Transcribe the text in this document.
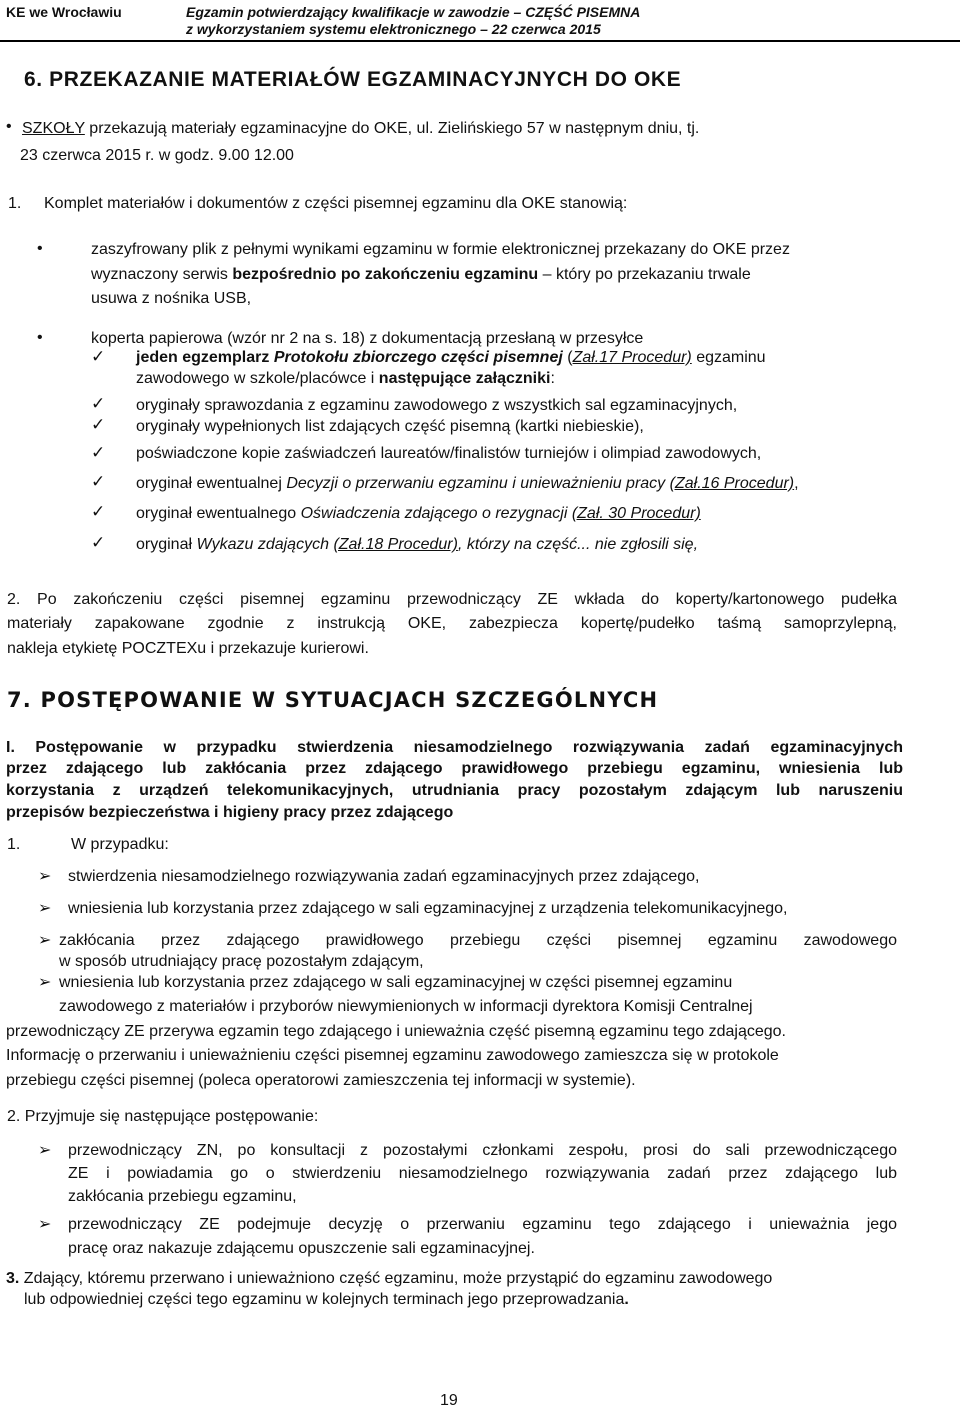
KE we Wrocławiu	Egzamin potwierdzający kwalifikacje w zawodzie – CZĘŚĆ PISEMNA
z wykorzystaniem systemu elektronicznego – 22 czerwca 2015
6. PRZEKAZANIE MATERIAŁÓW EGZAMINACYJNYCH DO OKE
• SZKOŁY przekazują materiały egzaminacyjne do OKE, ul. Zielińskiego 57 w następnym dniu, tj.
23 czerwca 2015 r. w godz. 9.00 12.00
1. Komplet materiałów i dokumentów z części pisemnej egzaminu dla OKE stanowią:
•	zaszyfrowany plik z pełnymi wynikami egzaminu w formie elektronicznej przekazany do OKE przez
wyznaczony serwis bezpośrednio po zakończeniu egzaminu – który po przekazaniu trwale
usuwa z nośnika USB,
•	koperta papierowa (wzór nr 2 na s. 18) z dokumentacją przesłaną w przesyłce
✓ jeden egzemplarz Protokołu zbiorczego części pisemnej (Zał.17 Procedur) egzaminu
zawodowego w szkole/placówce i następujące załączniki:
✓ oryginały sprawozdania z egzaminu zawodowego z wszystkich sal egzaminacyjnych,
✓ oryginały wypełnionych list zdających część pisemną (kartki niebieskie),
✓ poświadczone kopie zaświadczeń laureatów/finalistów turniejów i olimpiad zawodowych,
✓ oryginał ewentualnej Decyzji o przerwaniu egzaminu i unieważnieniu pracy (Zał.16 Procedur),
✓ oryginał ewentualnego Oświadczenia zdającego o rezygnacji (Zał. 30 Procedur)
✓ oryginał Wykazu zdających (Zał.18 Procedur), którzy na część... nie zgłosili się,
2. Po zakończeniu części pisemnej egzaminu przewodniczący ZE wkłada do koperty/kartonowego pudełka
materiały zapakowane zgodnie z instrukcją OKE, zabezpiecza kopertę/pudełko taśmą samoprzylepną,
nakleja etykietę POCZTEXu i przekazuje kurierowi.
7. POSTĘPOWANIE W SYTUACJACH SZCZEGÓLNYCH
I. Postępowanie w przypadku stwierdzenia niesamodzielnego rozwiązywania zadań egzaminacyjnych
przez zdającego lub zakłócania przez zdającego prawidłowego przebiegu egzaminu, wniesienia lub
korzystania z urządzeń telekomunikacyjnych, utrudniania pracy pozostałym zdającym lub naruszeniu
przepisów bezpieczeństwa i higieny pracy przez zdającego
1.	W przypadku:
➢ stwierdzenia niesamodzielnego rozwiązywania zadań egzaminacyjnych przez zdającego,
➢ wniesienia lub korzystania przez zdającego w sali egzaminacyjnej z urządzenia telekomunikacyjnego,
➢ zakłócania przez zdającego prawidłowego przebiegu części pisemnej egzaminu zawodowego
w sposób utrudniający pracę pozostałym zdającym,
➢ wniesienia lub korzystania przez zdającego w sali egzaminacyjnej w części pisemnej egzaminu
zawodowego z materiałów i przyborów niewymienionych w informacji dyrektora Komisji Centralnej
przewodniczący ZE przerywa egzamin tego zdającego i unieważnia część pisemną egzaminu tego zdającego.
Informację o przerwaniu i unieważnieniu części pisemnej egzaminu zawodowego zamieszcza się w protokole
przebiegu części pisemnej (poleca operatorowi zamieszczenia tej informacji w systemie).
2. Przyjmuje się następujące postępowanie:
➢ przewodniczący ZN, po konsultacji z pozostałymi członkami zespołu, prosi do sali przewodniczącego
ZE i powiadamia go o stwierdzeniu niesamodzielnego rozwiązywania zadań przez zdającego lub
zakłócania przebiegu egzaminu,
➢ przewodniczący ZE podejmuje decyzję o przerwaniu egzaminu tego zdającego i unieważnia jego
pracę oraz nakazuje zdającemu opuszczenie sali egzaminacyjnej.
3. Zdający, któremu przerwano i unieważniono część egzaminu, może przystąpić do egzaminu zawodowego
lub odpowiedniej części tego egzaminu w kolejnych terminach jego przeprowadzania.
19
